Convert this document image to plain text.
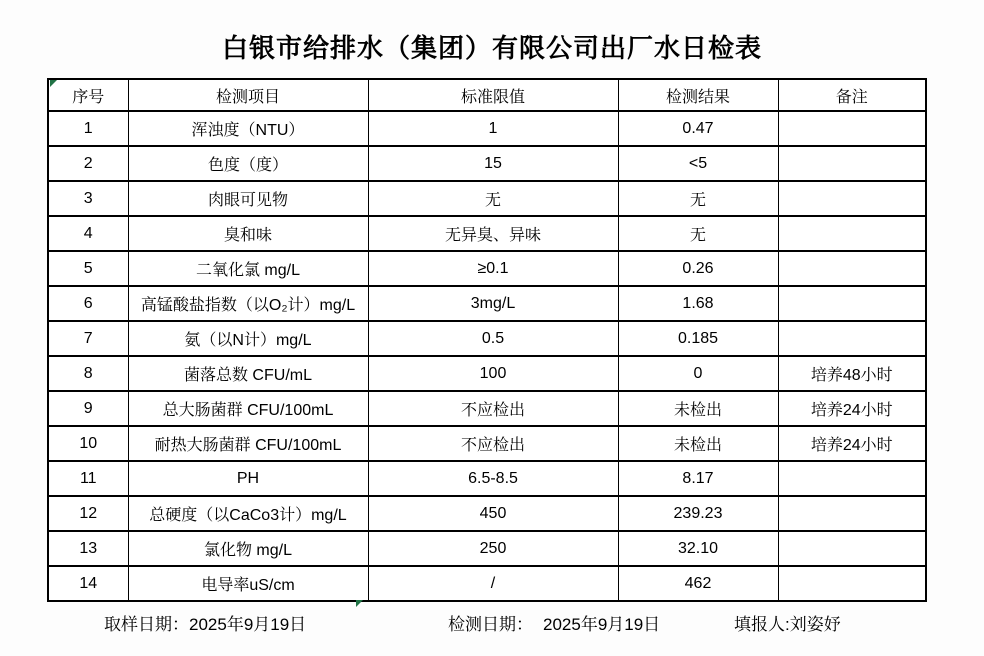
白银市给排水（集团）有限公司出厂水日检表
序号	检测项目	标准限值	检测结果	备注
1	浑浊度（NTU）	1	0.47	
2	色度（度）	15	<5	
3	肉眼可见物	无	无	
4	臭和味	无异臭、异味	无	
5	二氧化氯 mg/L	≥0.1	0.26	
6	高锰酸盐指数（以O₂计）mg/L	3mg/L	1.68	
7	氨（以N计）mg/L	0.5	0.185	
8	菌落总数 CFU/mL	100	0	培养48小时
9	总大肠菌群 CFU/100mL	不应检出	未检出	培养24小时
10	耐热大肠菌群 CFU/100mL	不应检出	未检出	培养24小时
11	PH	6.5-8.5	8.17	
12	总硬度（以CaCo3计）mg/L	450	239.23	
13	氯化物 mg/L	250	32.10	
14	电导率uS/cm	/	462	
取样日期：2025年9月19日	检测日期： 2025年9月19日	填报人:刘姿妤
